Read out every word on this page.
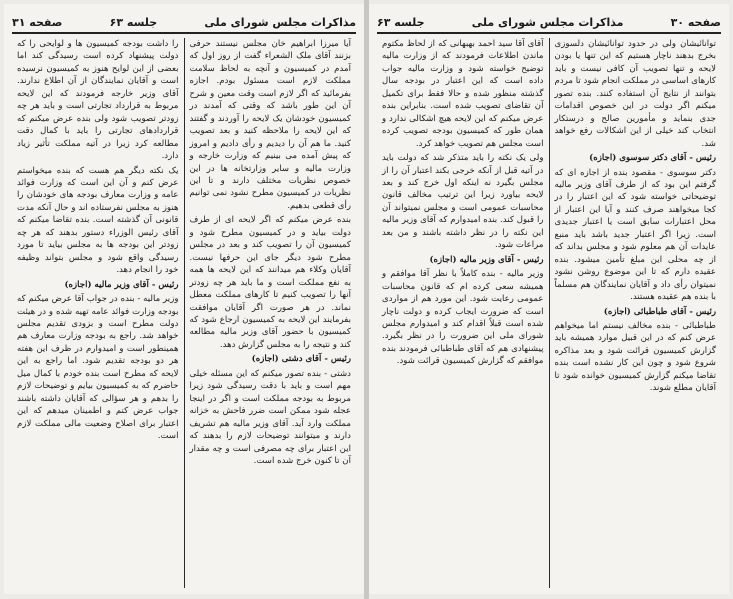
مذاکرات مجلس شورای ملی
جلسه ۶۳
صفحه ۳۱

را داشت بودجه کمیسیون ها و لوایحی را که دولت پیشنهاد کرده است رسیدگی کند اما بعضی از این لوایح هنوز به کمیسیون نرسیده است و آقایان نمایندگان از آن اطلاع ندارند. آقای وزیر خارجه فرمودند که این لایحه مربوط به قرارداد تجارتی است و باید هر چه زودتر تصویب شود ولی بنده عرض میکنم که قراردادهای تجارتی را باید با کمال دقت مطالعه کرد زیرا در آتیه مملکت تأثیر زیاد دارد.

یک نکته دیگر هم هست که بنده میخواستم عرض کنم و آن این است که وزارت فوائد عامه و وزارت معارف بودجه های خودشان را هنوز به مجلس نفرستاده اند و حال آنکه مدت قانونی آن گذشته است. بنده تقاضا میکنم که آقای رئیس الوزراء دستور بدهند که هر چه زودتر این بودجه ها به مجلس بیاید تا مورد رسیدگی واقع شود و مجلس بتواند وظیفه خود را انجام دهد.

رئیس - آقای وزیر مالیه (اجازه)

وزیر مالیه - بنده در جواب آقا عرض میکنم که بودجه وزارت فوائد عامه تهیه شده و در هیئت دولت مطرح است و بزودی تقدیم مجلس خواهد شد. راجع به بودجه وزارت معارف هم همینطور است و امیدوارم در ظرف این هفته هر دو بودجه تقدیم شود. اما راجع به این لایحه که مطرح است بنده خودم با کمال میل حاضرم که به کمیسیون بیایم و توضیحات لازم را بدهم و هر سؤالی که آقایان داشته باشند جواب عرض کنم و اطمینان میدهم که این اعتبار برای اصلاح وضعیت مالی مملکت لازم است.

آیا میرزا ابراهیم خان مجلس نیستند حرفی بزنند آقای ملک الشعراء گفت از روز اول که آمدم در کمیسیون و آنچه به لحاظ سلامت مملکت لازم است مسئول بودم. اجازه بفرمائید که اگر لازم است وقت معین و شرح آن این طور باشد که وقتی که آمدند در کمیسیون خودشان یک لایحه را آوردند و گفتند که این لایحه را ملاحظه کنید و بعد تصویب کنید. ما هم آن را دیدیم و رأی دادیم و امروز که پیش آمده می بینیم که وزارت خارجه و وزارت مالیه و سایر وزارتخانه ها در این خصوص نظریات مختلف دارند و تا این نظریات در کمیسیون مطرح نشود نمی توانیم رأی قطعی بدهیم.

بنده عرض میکنم که اگر لایحه ای از طرف دولت بیاید و در کمیسیون مطرح شود و کمیسیون آن را تصویب کند و بعد در مجلس مطرح شود دیگر جای این حرفها نیست. آقایان وکلاء هم میدانند که این لایحه ها همه به نفع مملکت است و ما باید هر چه زودتر آنها را تصویب کنیم تا کارهای مملکت معطل نماند. در هر صورت اگر آقایان موافقت بفرمایند این لایحه به کمیسیون ارجاع شود که کمیسیون با حضور آقای وزیر مالیه مطالعه کند و نتیجه را به مجلس گزارش دهد.

رئیس - آقای دشتی (اجازه)

دشتی - بنده تصور میکنم که این مسئله خیلی مهم است و باید با دقت رسیدگی شود زیرا مربوط به بودجه مملکت است و اگر در اینجا عجله شود ممکن است ضرر فاحش به خزانه مملکت وارد آید. آقای وزیر مالیه هم تشریف دارند و میتوانند توضیحات لازم را بدهند که این اعتبار برای چه مصرفی است و چه مقدار آن تا کنون خرج شده است.

صفحه ۳۰
مذاکرات مجلس شورای ملی
جلسه ۶۳

آقای آقا سید احمد بهبهانی که از لحاظ مکتوم ماندن اطلاعات فرمودند که از وزارت مالیه توضیح خواسته شود و وزارت مالیه جواب داده است که این اعتبار در بودجه سال گذشته منظور شده و حالا فقط برای تکمیل آن تقاضای تصویب شده است. بنابراین بنده عرض میکنم که این لایحه هیچ اشکالی ندارد و همان طور که کمیسیون بودجه تصویب کرده است مجلس هم تصویب خواهد کرد.

ولی یک نکته را باید متذکر شد که دولت باید در آتیه قبل از آنکه خرجی بکند اعتبار آن را از مجلس بگیرد نه اینکه اول خرج کند و بعد لایحه بیاورد زیرا این ترتیب مخالف قانون محاسبات عمومی است و مجلس نمیتواند آن را قبول کند. بنده امیدوارم که آقای وزیر مالیه این نکته را در نظر داشته باشند و من بعد مراعات شود.

رئیس - آقای وزیر مالیه (اجازه)

وزیر مالیه - بنده کاملاً با نظر آقا موافقم و همیشه سعی کرده ام که قانون محاسبات عمومی رعایت شود. این مورد هم از مواردی است که ضرورت ایجاب کرده و دولت ناچار شده است قبلاً اقدام کند و امیدوارم مجلس شورای ملی این ضرورت را در نظر بگیرد. پیشنهادی هم که آقای طباطبائی فرمودند بنده موافقم که گزارش کمیسیون قرائت شود.

توانائیشان ولی در حدود توانائیشان دلسوزی بخرج بدهند ناچار هستیم که این تنها یا بودن لایحه و تنها تصویب آن کافی نیست و باید کارهای اساسی در مملکت انجام شود تا مردم بتوانند از نتایج آن استفاده کنند. بنده تصور میکنم اگر دولت در این خصوص اقدامات جدی بنماید و مأمورین صالح و درستکار انتخاب کند خیلی از این اشکالات رفع خواهد شد.

رئیس - آقای دکتر سوسوی (اجازه)

دکتر سوسوی - مقصود بنده از اجازه ای که گرفتم این بود که از طرف آقای وزیر مالیه توضیحاتی خواسته شود که این اعتبار را در کجا میخواهند صرف کنند و آیا این اعتبار از محل اعتبارات سابق است یا اعتبار جدیدی است. زیرا اگر اعتبار جدید باشد باید منبع عایدات آن هم معلوم شود و مجلس بداند که از چه محلی این مبلغ تأمین میشود. بنده عقیده دارم که تا این موضوع روشن نشود نمیتوان رأی داد و آقایان نمایندگان هم مسلماً با بنده هم عقیده هستند.

رئیس - آقای طباطبائی (اجازه)

طباطبائی - بنده مخالف نیستم اما میخواهم عرض کنم که در این قبیل موارد همیشه باید گزارش کمیسیون قرائت شود و بعد مذاکره شروع شود و چون این کار نشده است بنده تقاضا میکنم گزارش کمیسیون خوانده شود تا آقایان مطلع شوند.
